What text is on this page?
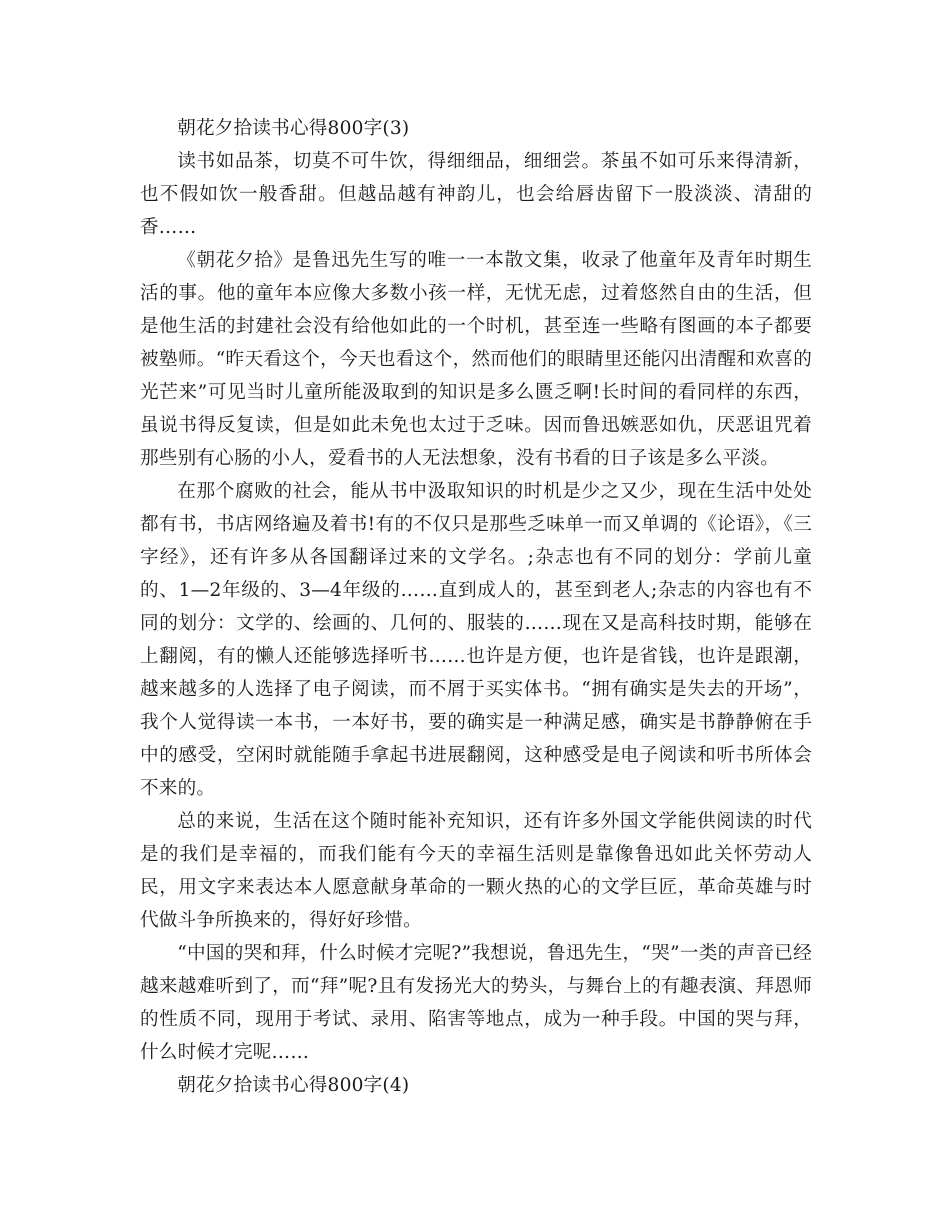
朝花夕拾读书心得800字(3)

读书如品茶，切莫不可牛饮，得细细品，细细尝。茶虽不如可乐来得清新，也不假如饮一般香甜。但越品越有神韵儿，也会给唇齿留下一股淡淡、清甜的香……

《朝花夕拾》是鲁迅先生写的唯一一本散文集，收录了他童年及青年时期生活的事。他的童年本应像大多数小孩一样，无忧无虑，过着悠然自由的生活，但是他生活的封建社会没有给他如此的一个时机，甚至连一些略有图画的本子都要被塾师。“昨天看这个，今天也看这个，然而他们的眼睛里还能闪出清醒和欢喜的光芒来”可见当时儿童所能汲取到的知识是多么匮乏啊!长时间的看同样的东西，虽说书得反复读，但是如此未免也太过于乏味。因而鲁迅嫉恶如仇，厌恶诅咒着那些别有心肠的小人，爱看书的人无法想象，没有书看的日子该是多么平淡。

在那个腐败的社会，能从书中汲取知识的时机是少之又少，现在生活中处处都有书，书店网络遍及着书!有的不仅只是那些乏味单一而又单调的《论语》，《三字经》，还有许多从各国翻译过来的文学名。;杂志也有不同的划分：学前儿童的、1—2年级的、3—4年级的……直到成人的，甚至到老人;杂志的内容也有不同的划分：文学的、绘画的、几何的、服装的……现在又是高科技时期，能够在上翻阅，有的懒人还能够选择听书……也许是方便，也许是省钱，也许是跟潮，越来越多的人选择了电子阅读，而不屑于买实体书。“拥有确实是失去的开场”，我个人觉得读一本书，一本好书，要的确实是一种满足感，确实是书静静俯在手中的感受，空闲时就能随手拿起书进展翻阅，这种感受是电子阅读和听书所体会不来的。

总的来说，生活在这个随时能补充知识，还有许多外国文学能供阅读的时代是的我们是幸福的，而我们能有今天的幸福生活则是靠像鲁迅如此关怀劳动人民，用文字来表达本人愿意献身革命的一颗火热的心的文学巨匠，革命英雄与时代做斗争所换来的，得好好珍惜。

“中国的哭和拜，什么时候才完呢?”我想说，鲁迅先生，“哭”一类的声音已经越来越难听到了，而“拜”呢?且有发扬光大的势头，与舞台上的有趣表演、拜恩师的性质不同，现用于考试、录用、陷害等地点，成为一种手段。中国的哭与拜，什么时候才完呢……

朝花夕拾读书心得800字(4)
